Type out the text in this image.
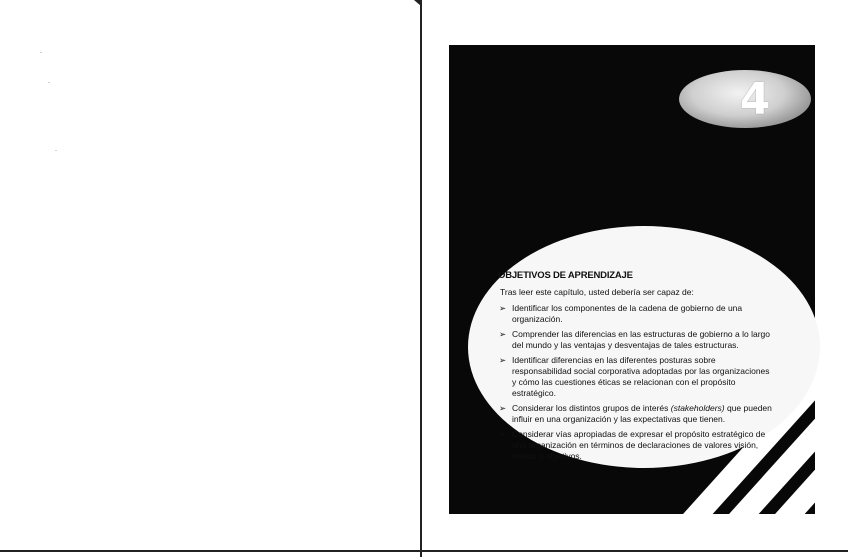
4
OBJETIVOS DE APRENDIZAJE
Tras leer este capítulo, usted debería ser capaz de:
➢ Identificar los componentes de la cadena de gobierno de una organización.
➢ Comprender las diferencias en las estructuras de gobierno a lo largo del mundo y las ventajas y desventajas de tales estructuras.
➢ Identificar diferencias en las diferentes posturas sobre responsabilidad social corporativa adoptadas por las organizaciones y cómo las cuestiones éticas se relacionan con el propósito estratégico.
➢ Considerar los distintos grupos de interés (stakeholders) que pueden influir en una organización y las expectativas que tienen.
➢ Considerar vías apropiadas de expresar el propósito estratégico de una organización en términos de declaraciones de valores visión, misión u objetivos.
